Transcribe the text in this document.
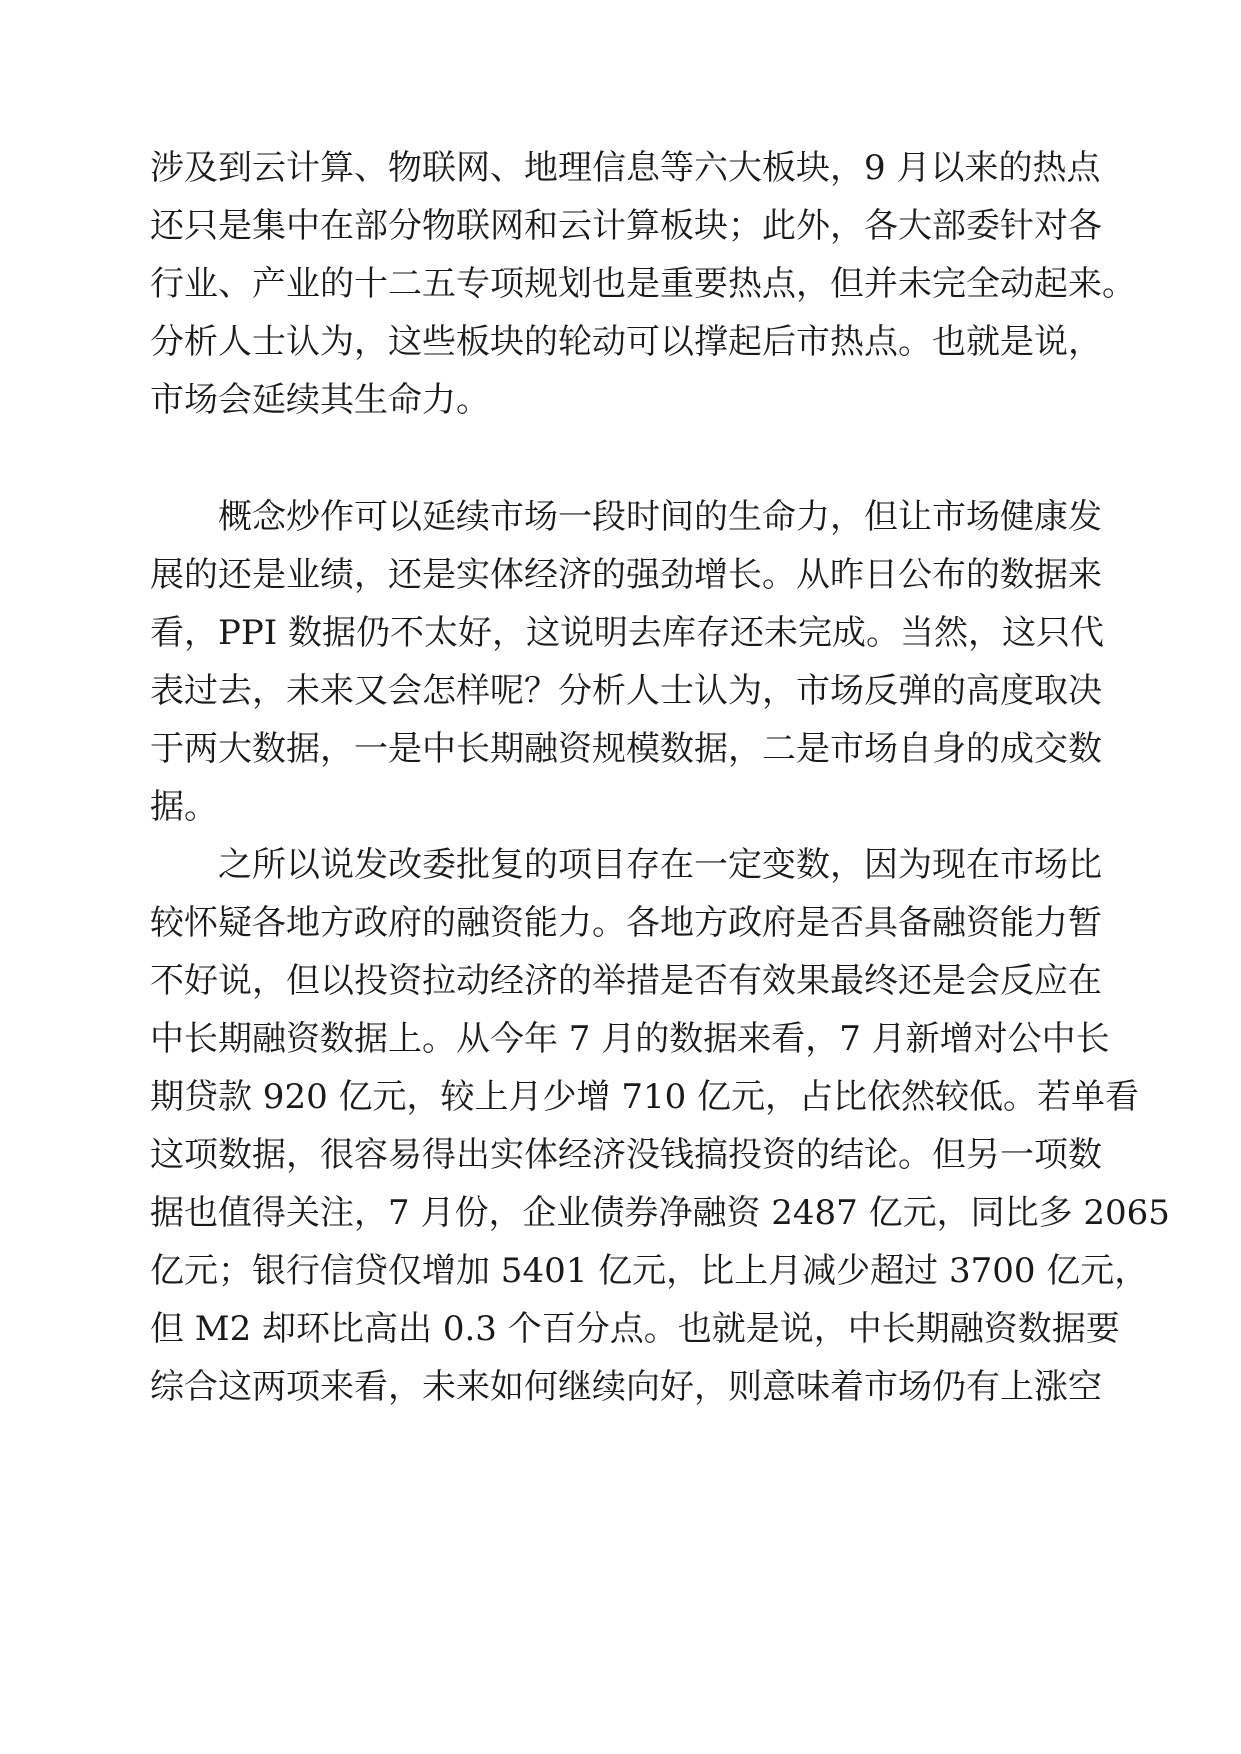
涉及到云计算、物联网、地理信息等六大板块，9 月以来的热点
还只是集中在部分物联网和云计算板块；此外，各大部委针对各
行业、产业的十二五专项规划也是重要热点，但并未完全动起来。
分析人士认为，这些板块的轮动可以撑起后市热点。也就是说，
市场会延续其生命力。
概念炒作可以延续市场一段时间的生命力，但让市场健康发
展的还是业绩，还是实体经济的强劲增长。从昨日公布的数据来
看，PPI 数据仍不太好，这说明去库存还未完成。当然，这只代
表过去，未来又会怎样呢？分析人士认为，市场反弹的高度取决
于两大数据，一是中长期融资规模数据，二是市场自身的成交数
据。
之所以说发改委批复的项目存在一定变数，因为现在市场比
较怀疑各地方政府的融资能力。各地方政府是否具备融资能力暂
不好说，但以投资拉动经济的举措是否有效果最终还是会反应在
中长期融资数据上。从今年 7 月的数据来看，7 月新增对公中长
期贷款 920 亿元，较上月少增 710 亿元，占比依然较低。若单看
这项数据，很容易得出实体经济没钱搞投资的结论。但另一项数
据也值得关注，7 月份，企业债券净融资 2487 亿元，同比多 2065
亿元；银行信贷仅增加 5401 亿元，比上月减少超过 3700 亿元，
但 M2 却环比高出 0.3 个百分点。也就是说，中长期融资数据要
综合这两项来看，未来如何继续向好，则意味着市场仍有上涨空
